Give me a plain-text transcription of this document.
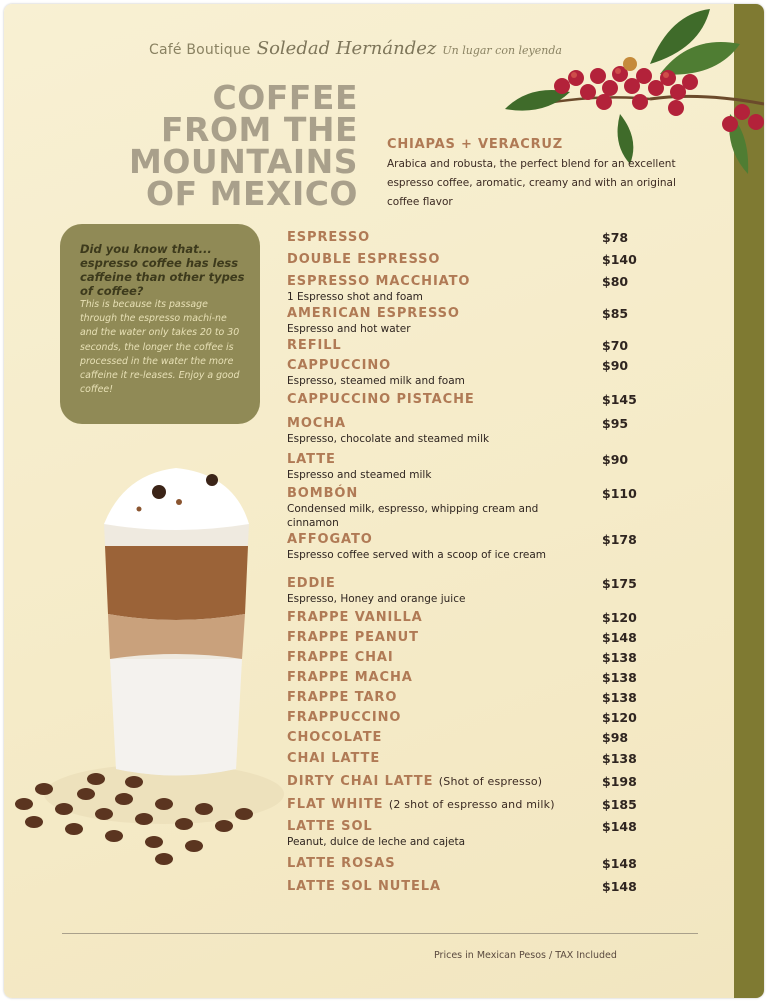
Café Boutique Soledad Hernández Un lugar con leyenda
COFFEE
FROM THE
MOUNTAINS
OF MEXICO
CHIAPAS + VERACRUZ
Arabica and robusta, the perfect blend for an excellent espresso coffee, aromatic, creamy and with an original coffee flavor
Did you know that... espresso coffee has less caffeine than other types of coffee?
This is because its passage through the espresso machi-ne and the water only takes 20 to 30 seconds, the longer the coffee is processed in the water the more caffeine it re-leases. Enjoy a good coffee!
ESPRESSO	$78
DOUBLE ESPRESSO	$140
ESPRESSO MACCHIATO	$80
1 Espresso shot and foam
AMERICAN ESPRESSO	$85
Espresso and hot water
REFILL	$70
CAPPUCCINO	$90
Espresso, steamed milk and foam
CAPPUCCINO PISTACHE	$145
MOCHA	$95
Espresso, chocolate and steamed milk
LATTE	$90
Espresso and steamed milk
BOMBÓN	$110
Condensed milk, espresso, whipping cream and cinnamon
AFFOGATO	$178
Espresso coffee served with a scoop of ice cream
EDDIE	$175
Espresso, Honey and orange juice
FRAPPE VANILLA	$120
FRAPPE PEANUT	$148
FRAPPE CHAI	$138
FRAPPE MACHA	$138
FRAPPE TARO	$138
FRAPPUCCINO	$120
CHOCOLATE	$98
CHAI LATTE	$138
DIRTY CHAI LATTE (Shot of espresso)	$198
FLAT WHITE (2 shot of espresso and milk)	$185
LATTE SOL	$148
Peanut, dulce de leche and cajeta
LATTE ROSAS	$148
LATTE SOL NUTELA	$148
Prices in Mexican Pesos / TAX Included
